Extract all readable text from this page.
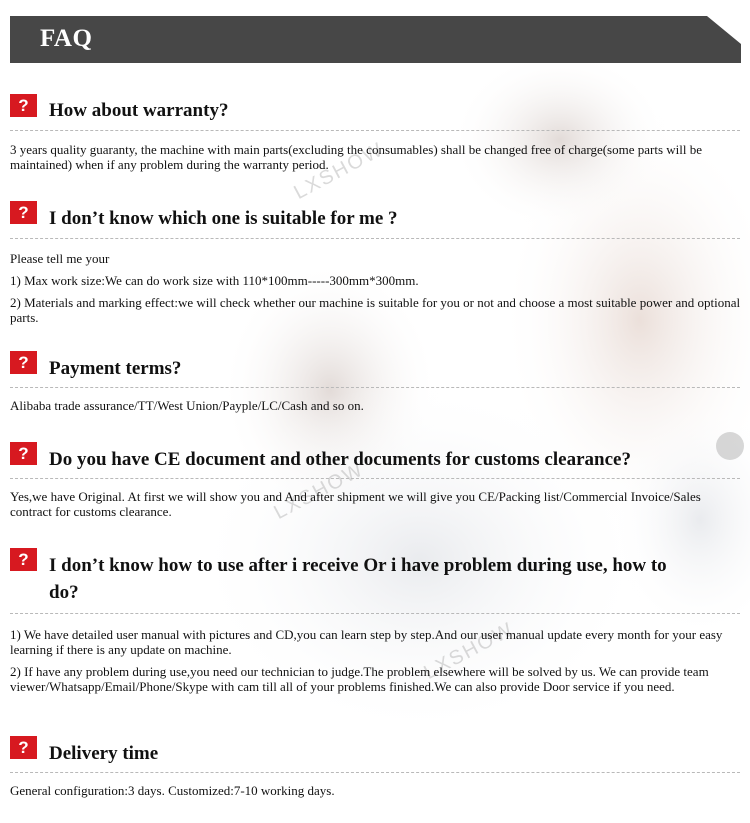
LXSHOW
LXSHOW
LXSHOW
FAQ
?	How about warranty?
3 years quality guaranty, the machine with main parts(excluding the consumables) shall be changed free of charge(some parts will be maintained) when if any problem during the warranty period.
?	I don’t know which one is suitable for me ?
Please tell me your
1) Max work size:We can do work size with 110*100mm-----300mm*300mm.
2) Materials and marking effect:we will check whether our machine is suitable for you or not and choose a most suitable power and optional parts.
?	Payment terms?
Alibaba trade assurance/TT/West Union/Payple/LC/Cash and so on.
?	Do you have CE document and other documents for customs clearance?
Yes,we have Original. At first we will show you and And after shipment we will give you CE/Packing list/Commercial Invoice/Sales contract for customs clearance.
?	I don’t know how to use after i receive Or i have problem during use, how to do?
1) We have detailed user manual with pictures and CD,you can learn step by step.And our user manual update every month for your easy learning if there is any update on machine.
2) If have any problem during use,you need our technician to judge.The problem elsewhere will be solved by us. We can provide team viewer/Whatsapp/Email/Phone/Skype with cam till all of your problems finished.We can also provide Door service if you need.
?	Delivery time
General configuration:3 days. Customized:7-10 working days.
